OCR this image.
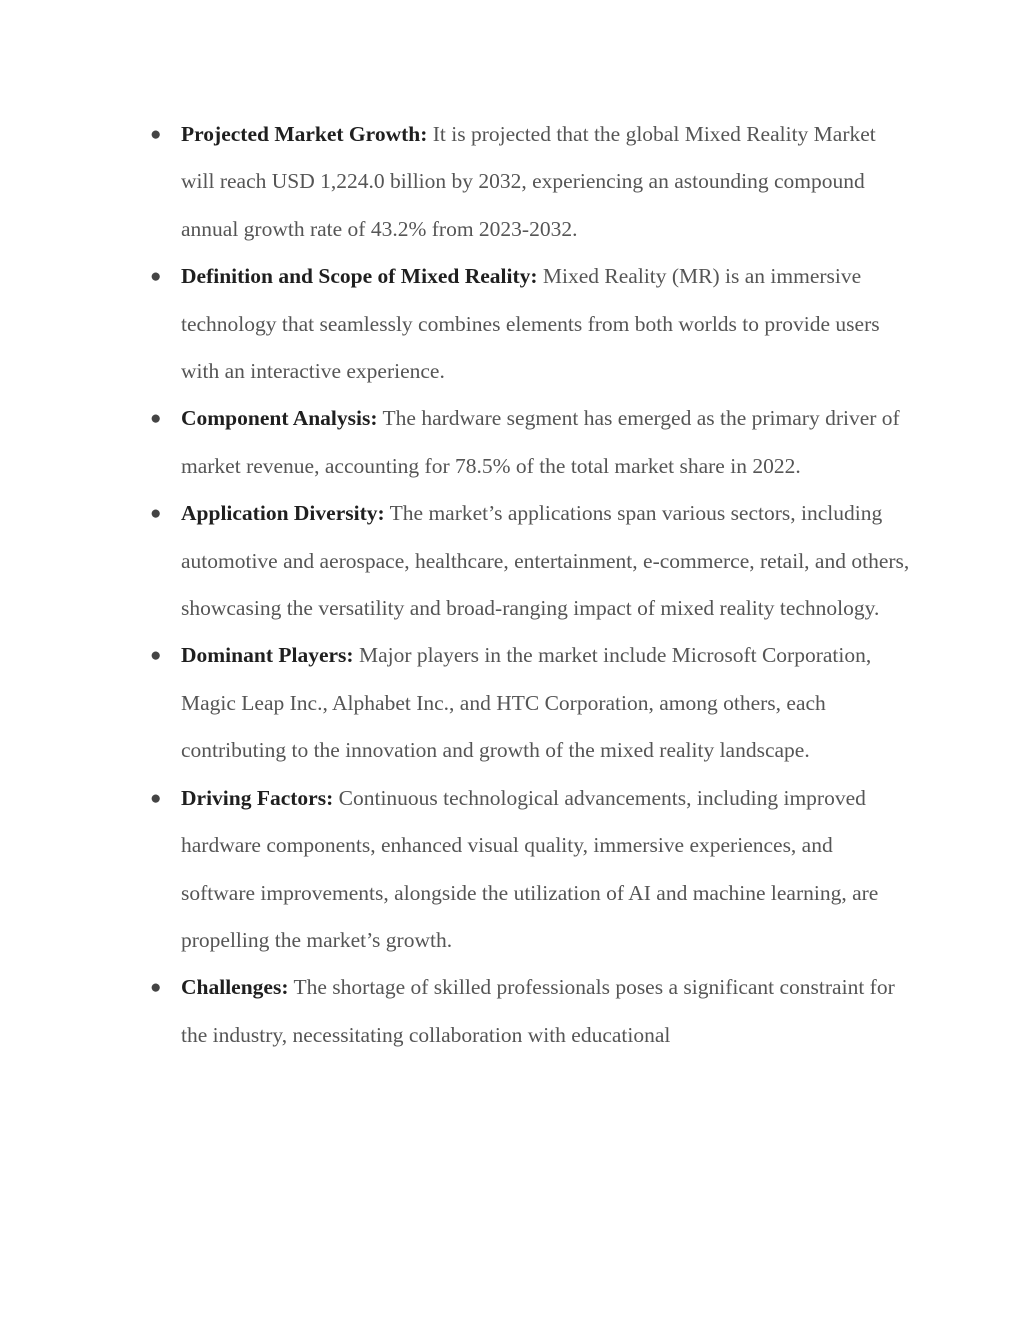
● Projected Market Growth: It is projected that the global Mixed Reality Market will reach USD 1,224.0 billion by 2032, experiencing an astounding compound annual growth rate of 43.2% from 2023-2032.
● Definition and Scope of Mixed Reality: Mixed Reality (MR) is an immersive technology that seamlessly combines elements from both worlds to provide users with an interactive experience.
● Component Analysis: The hardware segment has emerged as the primary driver of market revenue, accounting for 78.5% of the total market share in 2022.
● Application Diversity: The market’s applications span various sectors, including automotive and aerospace, healthcare, entertainment, e-commerce, retail, and others, showcasing the versatility and broad-ranging impact of mixed reality technology.
● Dominant Players: Major players in the market include Microsoft Corporation, Magic Leap Inc., Alphabet Inc., and HTC Corporation, among others, each contributing to the innovation and growth of the mixed reality landscape.
● Driving Factors: Continuous technological advancements, including improved hardware components, enhanced visual quality, immersive experiences, and software improvements, alongside the utilization of AI and machine learning, are propelling the market’s growth.
● Challenges: The shortage of skilled professionals poses a significant constraint for the industry, necessitating collaboration with educational
